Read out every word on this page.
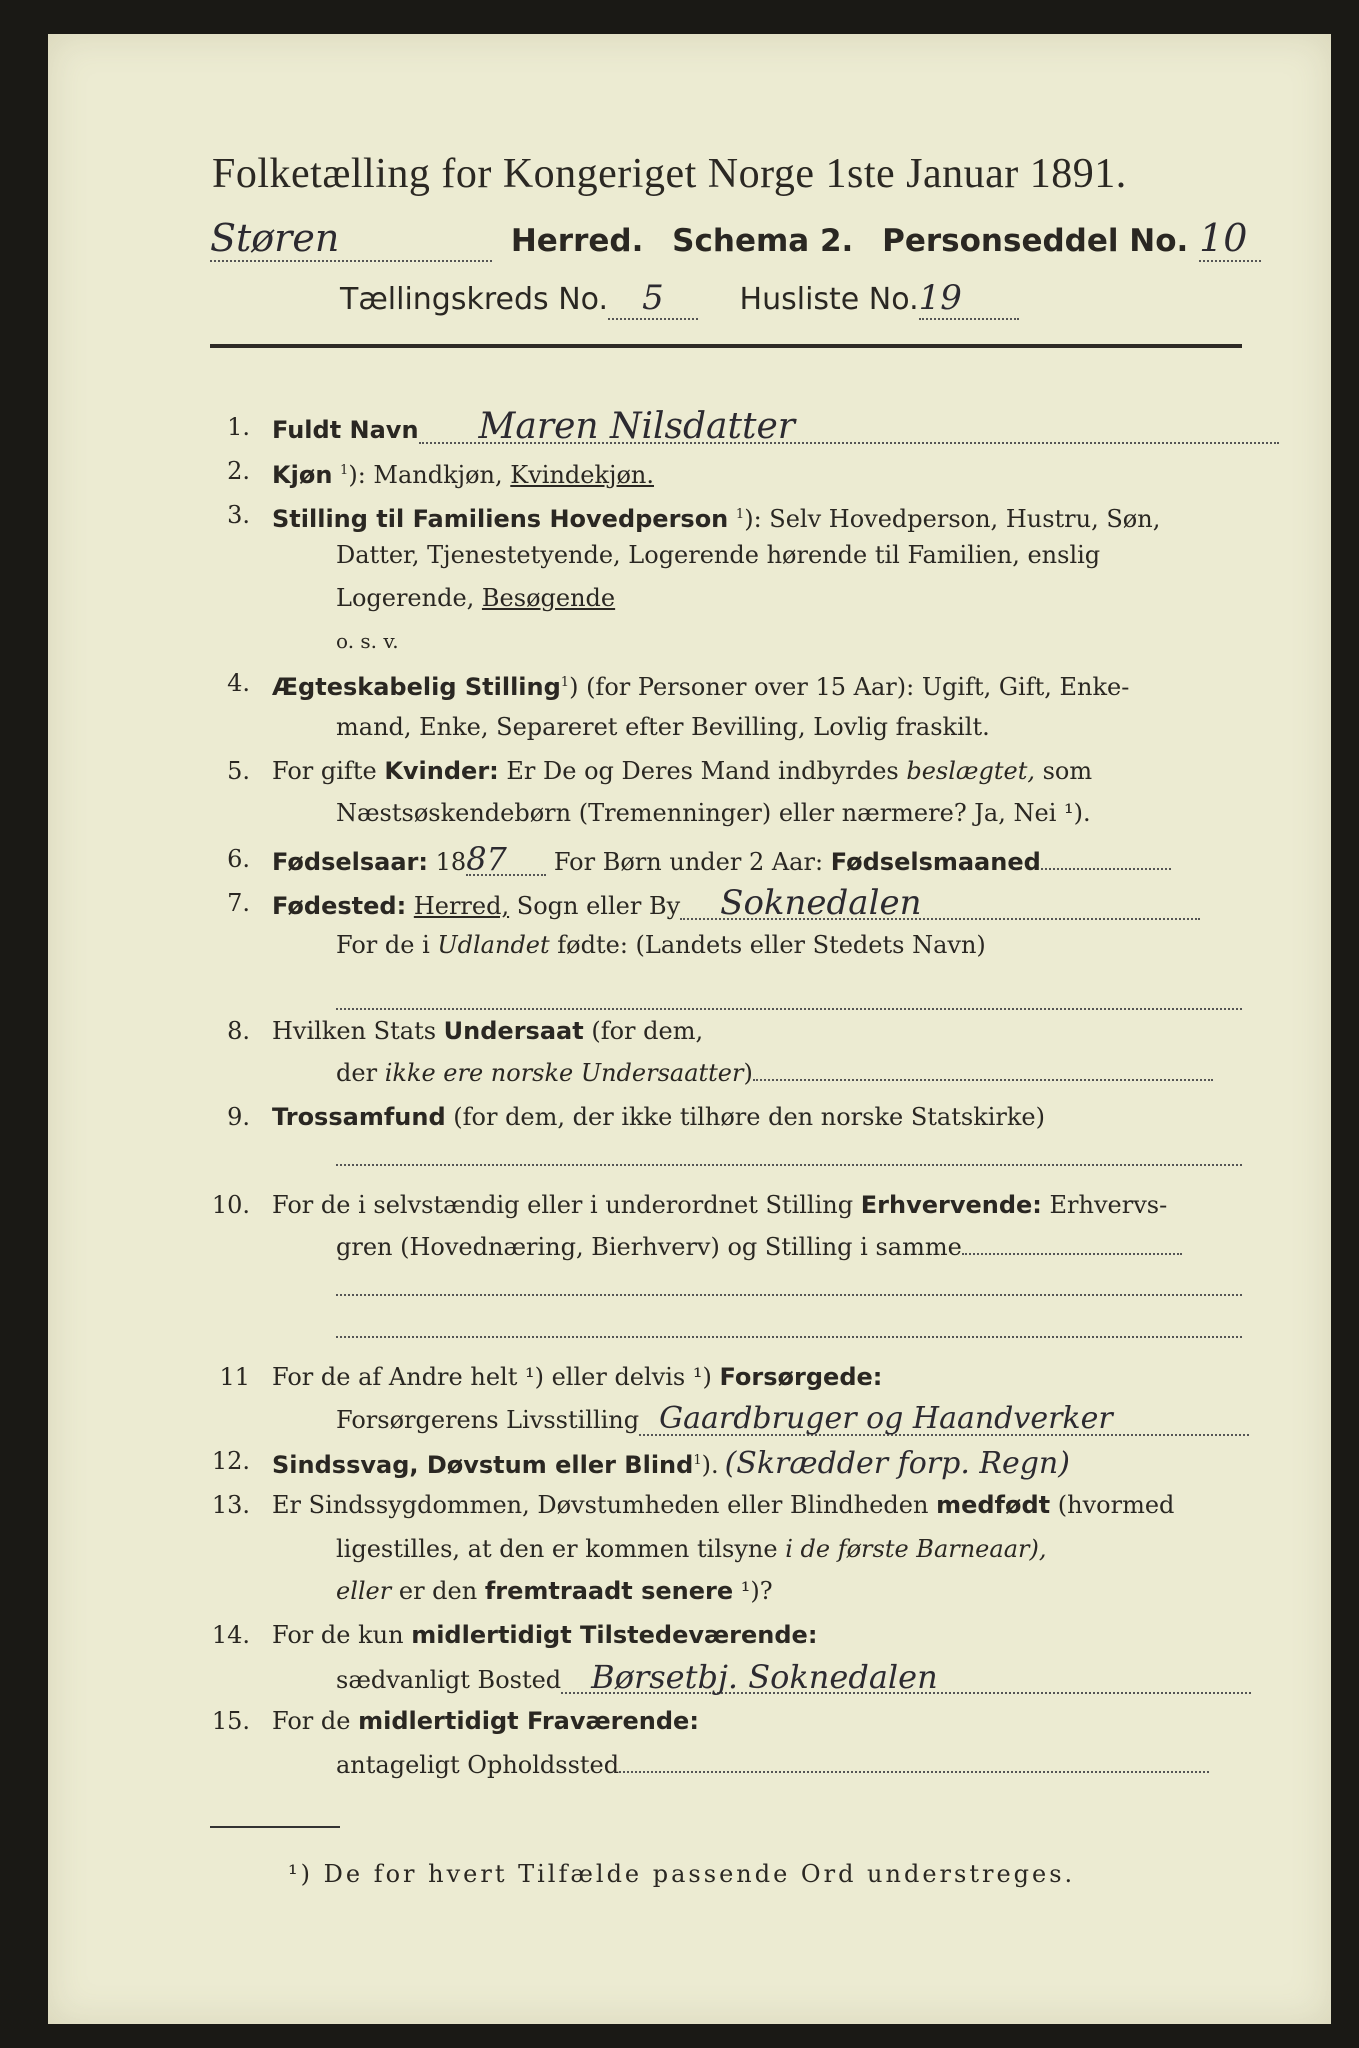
Folketælling for Kongeriget Norge 1ste Januar 1891.
Støren	Herred. Schema 2. Personseddel No. 10
Tællingskreds No. 5	Husliste No.19
1. Fuldt Navn Maren Nilsdatter
2. Kjøn $^1$): Mandkjøn, Kvindekjøn.
3. Stilling til Familiens Hovedperson $^1$): Selv Hovedperson, Hustru, Søn,
Datter, Tjenestetyende, Logerende hørende til Familien, enslig
Logerende, Besøgende
o. s. v.
4. Ægteskabelig Stilling$^1$) (for Personer over 15 Aar): Ugift, Gift, Enke-
mand, Enke, Separeret efter Bevilling, Lovlig fraskilt.
5. For gifte Kvinder: Er De og Deres Mand indbyrdes beslægtet, som
Næstsøskendebørn (Tremenninger) eller nærmere? Ja, Nei ¹).
6. Fødselsaar: 1887 For Børn under 2 Aar: Fødselsmaaned
7. Fødested: Herred, Sogn eller By Soknedalen
For de i Udlandet fødte: (Landets eller Stedets Navn)
8. Hvilken Stats Undersaat (for dem,
der ikke ere norske Undersaatter)
9. Trossamfund (for dem, der ikke tilhøre den norske Statskirke)
10. For de i selvstændig eller i underordnet Stilling Erhvervende: Erhvervs-
gren (Hovednæring, Bierhverv) og Stilling i samme
11 For de af Andre helt ¹) eller delvis ¹) Forsørgede:
Forsørgerens Livsstilling Gaardbruger og Haandverker
12. Sindssvag, Døvstum eller Blind$^1$). (Skrædder forp. Regn)
13. Er Sindssygdommen, Døvstumheden eller Blindheden medfødt (hvormed
ligestilles, at den er kommen tilsyne i de første Barneaar),
eller er den fremtraadt senere ¹)?
14. For de kun midlertidigt Tilstedeværende:
sædvanligt Bosted Børsetbj. Soknedalen
15. For de midlertidigt Fraværende:
antageligt Opholdssted
¹) De for hvert Tilfælde passende Ord understreges.
